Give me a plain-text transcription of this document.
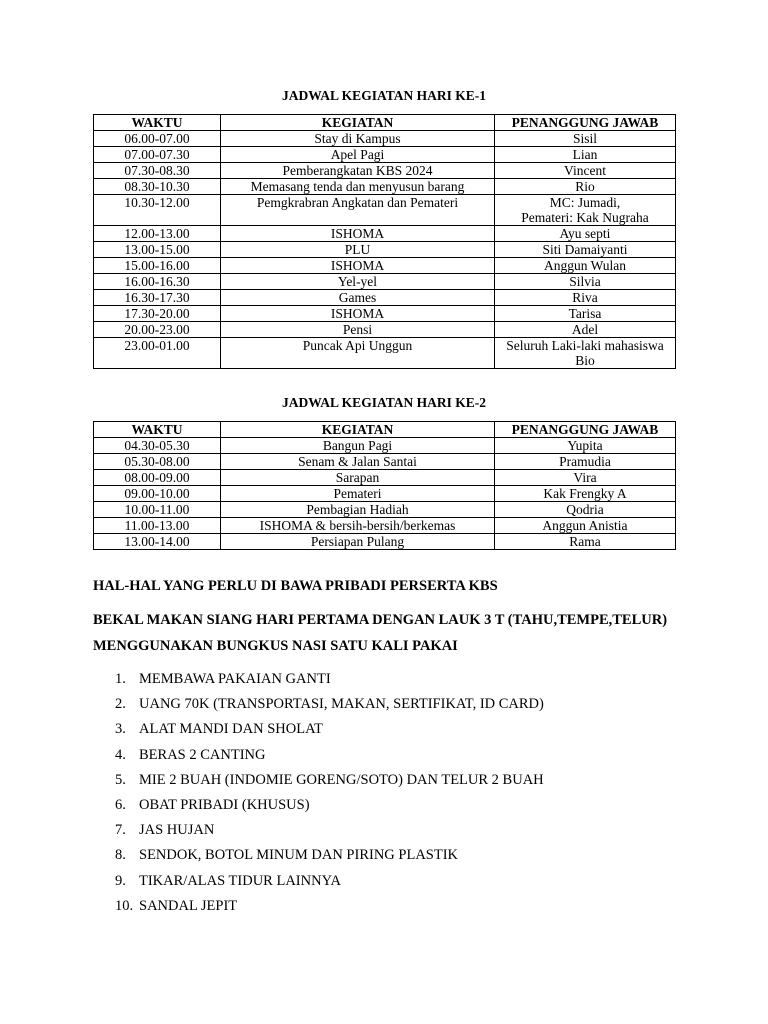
JADWAL KEGIATAN HARI KE-1
WAKTU	KEGIATAN	PENANGGUNG JAWAB
06.00-07.00	Stay di Kampus	Sisil
07.00-07.30	Apel Pagi	Lian
07.30-08.30	Pemberangkatan KBS 2024	Vincent
08.30-10.30	Memasang tenda dan menyusun barang	Rio
10.30-12.00	Pemgkrabran Angkatan dan Pemateri	MC: Jumadi,
Pemateri: Kak Nugraha
12.00-13.00	ISHOMA	Ayu septi
13.00-15.00	PLU	Siti Damaiyanti
15.00-16.00	ISHOMA	Anggun Wulan
16.00-16.30	Yel-yel	Silvia
16.30-17.30	Games	Riva
17.30-20.00	ISHOMA	Tarisa
20.00-23.00	Pensi	Adel
23.00-01.00	Puncak Api Unggun	Seluruh Laki-laki mahasiswa Bio
JADWAL KEGIATAN HARI KE-2
WAKTU	KEGIATAN	PENANGGUNG JAWAB
04.30-05.30	Bangun Pagi	Yupita
05.30-08.00	Senam & Jalan Santai	Pramudia
08.00-09.00	Sarapan	Vira
09.00-10.00	Pemateri	Kak Frengky A
10.00-11.00	Pembagian Hadiah	Qodria
11.00-13.00	ISHOMA & bersih-bersih/berkemas	Anggun Anistia
13.00-14.00	Persiapan Pulang	Rama
HAL-HAL YANG PERLU DI BAWA PRIBADI PERSERTA KBS
BEKAL MAKAN SIANG HARI PERTAMA DENGAN LAUK 3 T (TAHU,TEMPE,TELUR)
MENGGUNAKAN BUNGKUS NASI SATU KALI PAKAI
1. MEMBAWA PAKAIAN GANTI
2. UANG 70K (TRANSPORTASI, MAKAN, SERTIFIKAT, ID CARD)
3. ALAT MANDI DAN SHOLAT
4. BERAS 2 CANTING
5. MIE 2 BUAH (INDOMIE GORENG/SOTO) DAN TELUR 2 BUAH
6. OBAT PRIBADI (KHUSUS)
7. JAS HUJAN
8. SENDOK, BOTOL MINUM DAN PIRING PLASTIK
9. TIKAR/ALAS TIDUR LAINNYA
10. SANDAL JEPIT
